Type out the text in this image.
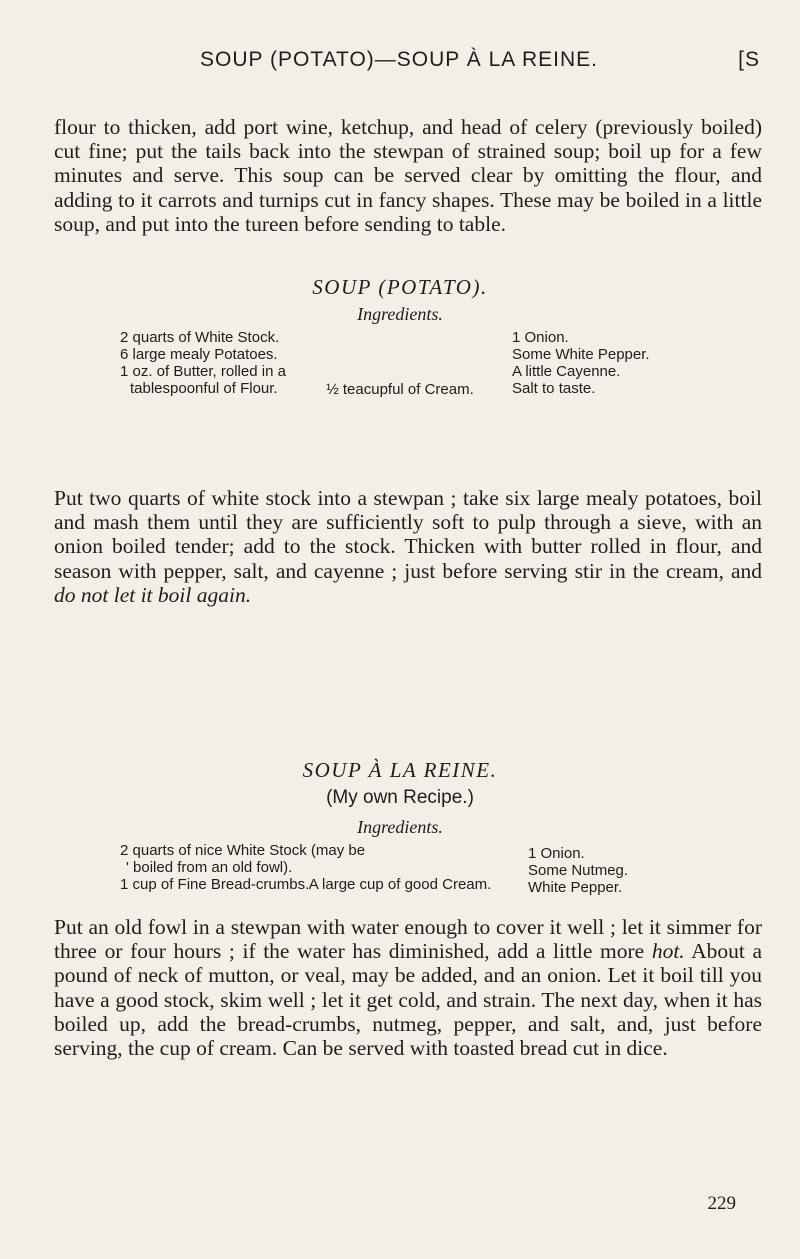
SOUP (POTATO)—SOUP À LA REINE.	[S

flour to thicken, add port wine, ketchup, and head of celery (previously boiled) cut fine; put the tails back into the stewpan of strained soup; boil up for a few minutes and serve. This soup can be served clear by omitting the flour, and adding to it carrots and turnips cut in fancy shapes. These may be boiled in a little soup, and put into the tureen before sending to table.

SOUP (POTATO).
Ingredients.
2 quarts of White Stock.
6 large mealy Potatoes.
1 oz. of Butter, rolled in a
tablespoonful of Flour.
1 Onion.
Some White Pepper.
A little Cayenne.
Salt to taste.
½ teacupful of Cream.

Put two quarts of white stock into a stewpan ; take six large mealy potatoes, boil and mash them until they are sufficiently soft to pulp through a sieve, with an onion boiled tender; add to the stock. Thicken with butter rolled in flour, and season with pepper, salt, and cayenne ; just before serving stir in the cream, and do not let it boil again.

SOUP À LA REINE.
(My own Recipe.)
Ingredients.
2 quarts of nice White Stock (may be
' boiled from an old fowl).
1 cup of Fine Bread-crumbs.
1 Onion.
Some Nutmeg.
White Pepper.
A large cup of good Cream.

Put an old fowl in a stewpan with water enough to cover it well ; let it simmer for three or four hours ; if the water has diminished, add a little more hot. About a pound of neck of mutton, or veal, may be added, and an onion. Let it boil till you have a good stock, skim well ; let it get cold, and strain. The next day, when it has boiled up, add the bread-crumbs, nutmeg, pepper, and salt, and, just before serving, the cup of cream. Can be served with toasted bread cut in dice.

229
